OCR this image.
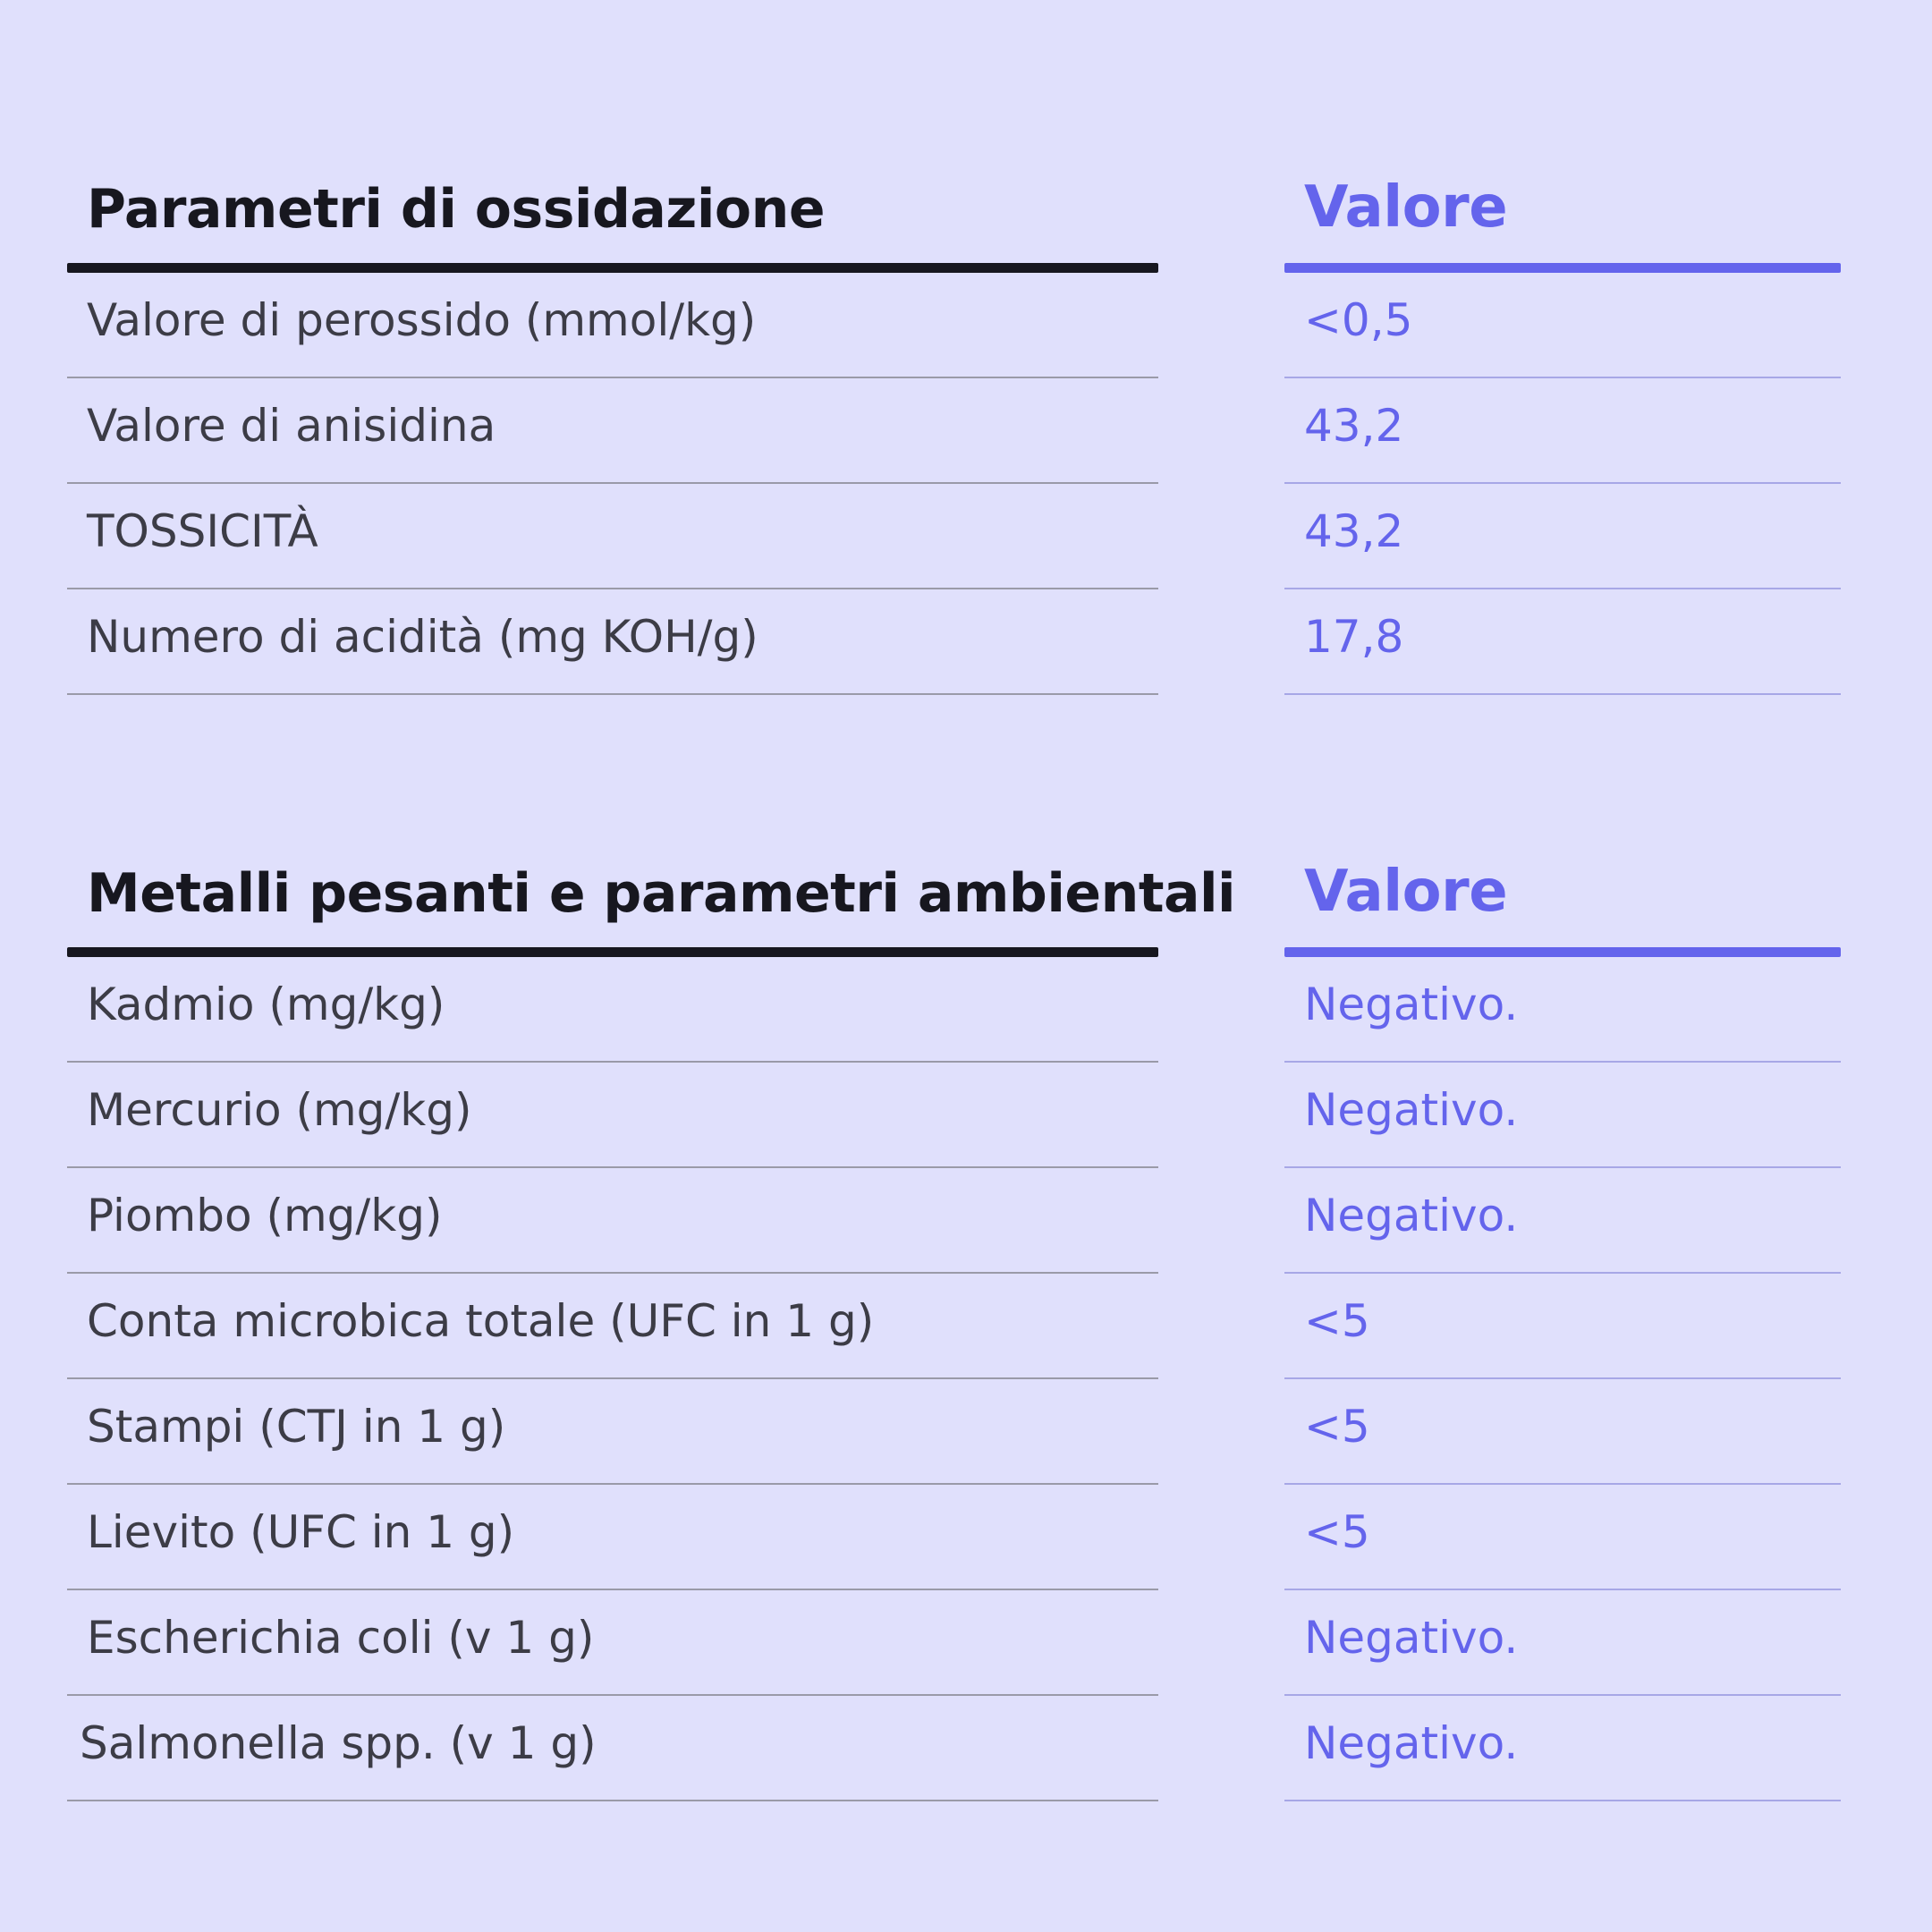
Parametri di ossidazione
Valore di perossido (mmol/kg)
Valore di anisidina
TOSSICITÀ
Numero di acidità (mg KOH/g)
Valore
<0,5
43,2
43,2
17,8
Metalli pesanti e parametri ambientali
Kadmio (mg/kg)
Mercurio (mg/kg)
Piombo (mg/kg)
Conta microbica totale (UFC in 1 g)
Stampi (CTJ in 1 g)
Lievito (UFC in 1 g)
Escherichia coli (v 1 g)
Salmonella spp. (v 1 g)
Valore
Negativo.
Negativo.
Negativo.
<5
<5
<5
Negativo.
Negativo.
